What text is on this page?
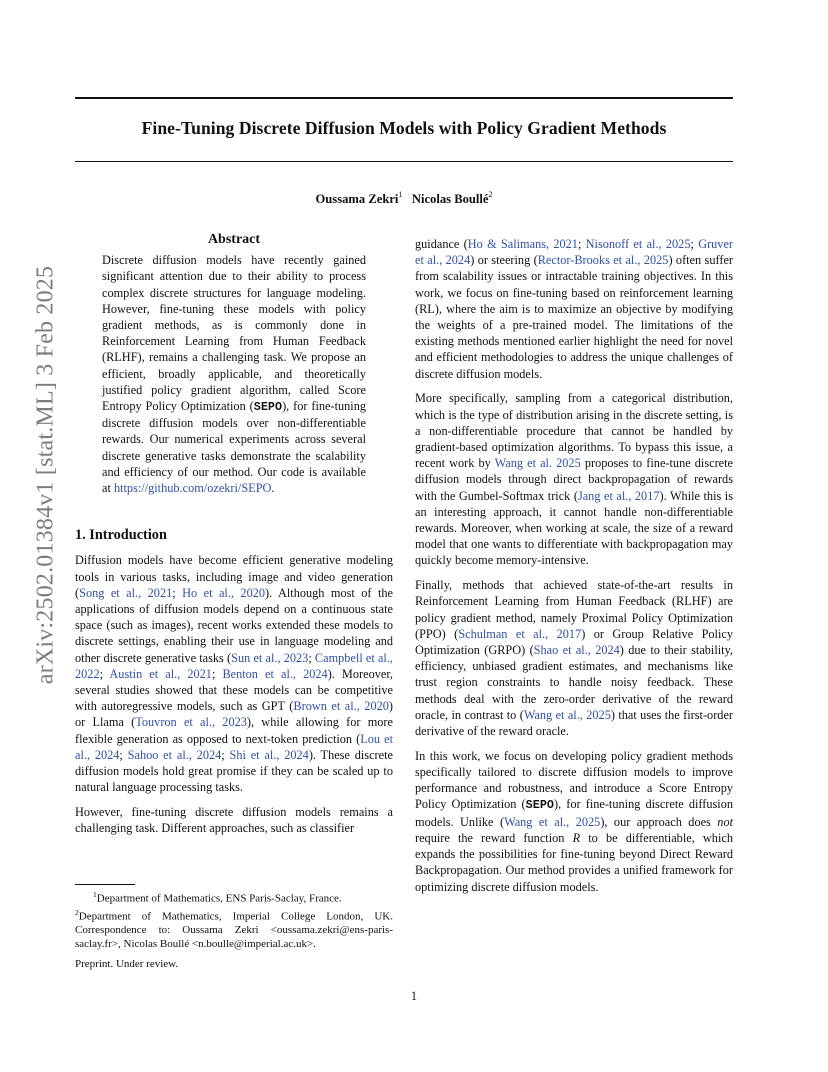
Fine-Tuning Discrete Diffusion Models with Policy Gradient Methods
Oussama Zekri$^1$ Nicolas Boullé$^2$
arXiv:2502.01384v1 [stat.ML] 3 Feb 2025
Abstract
Discrete diffusion models have recently gained significant attention due to their ability to process complex discrete structures for language modeling. However, fine-tuning these models with policy gradient methods, as is commonly done in Reinforcement Learning from Human Feedback (RLHF), remains a challenging task. We propose an efficient, broadly applicable, and theoretically justified policy gradient algorithm, called Score Entropy Policy Optimization (SEPO), for fine-tuning discrete diffusion models over non-differentiable rewards. Our numerical experiments across several discrete generative tasks demonstrate the scalability and efficiency of our method. Our code is available at https://github.com/ozekri/SEPO.
1. Introduction

Diffusion models have become efficient generative modeling tools in various tasks, including image and video generation (Song et al., 2021; Ho et al., 2020). Although most of the applications of diffusion models depend on a continuous state space (such as images), recent works extended these models to discrete settings, enabling their use in language modeling and other discrete generative tasks (Sun et al., 2023; Campbell et al., 2022; Austin et al., 2021; Benton et al., 2024). Moreover, several studies showed that these models can be competitive with autoregressive models, such as GPT (Brown et al., 2020) or Llama (Touvron et al., 2023), while allowing for more flexible generation as opposed to next-token prediction (Lou et al., 2024; Sahoo et al., 2024; Shi et al., 2024). These discrete diffusion models hold great promise if they can be scaled up to natural language processing tasks.

However, fine-tuning discrete diffusion models remains a challenging task. Different approaches, such as classifier

guidance (Ho & Salimans, 2021; Nisonoff et al., 2025; Gruver et al., 2024) or steering (Rector-Brooks et al., 2025) often suffer from scalability issues or intractable training objectives. In this work, we focus on fine-tuning based on reinforcement learning (RL), where the aim is to maximize an objective by modifying the weights of a pre-trained model. The limitations of the existing methods mentioned earlier highlight the need for novel and efficient methodologies to address the unique challenges of discrete diffusion models.

More specifically, sampling from a categorical distribution, which is the type of distribution arising in the discrete setting, is a non-differentiable procedure that cannot be handled by gradient-based optimization algorithms. To bypass this issue, a recent work by Wang et al. 2025 proposes to fine-tune discrete diffusion models through direct backpropagation of rewards with the Gumbel-Softmax trick (Jang et al., 2017). While this is an interesting approach, it cannot handle non-differentiable rewards. Moreover, when working at scale, the size of a reward model that one wants to differentiate with backpropagation may quickly become memory-intensive.

Finally, methods that achieved state-of-the-art results in Reinforcement Learning from Human Feedback (RLHF) are policy gradient method, namely Proximal Policy Optimization (PPO) (Schulman et al., 2017) or Group Relative Policy Optimization (GRPO) (Shao et al., 2024) due to their stability, efficiency, unbiased gradient estimates, and mechanisms like trust region constraints to handle noisy feedback. These methods deal with the zero-order derivative of the reward oracle, in contrast to (Wang et al., 2025) that uses the first-order derivative of the reward oracle.

In this work, we focus on developing policy gradient methods specifically tailored to discrete diffusion models to improve performance and robustness, and introduce a Score Entropy Policy Optimization (SEPO), for fine-tuning discrete diffusion models. Unlike (Wang et al., 2025), our approach does not require the reward function R to be differentiable, which expands the possibilities for fine-tuning beyond Direct Reward Backpropagation. Our method provides a unified framework for optimizing discrete diffusion models.

$^1$Department of Mathematics, ENS Paris-Saclay, France.
$^2$Department of Mathematics, Imperial College London, UK. Correspondence to: Oussama Zekri <oussama.zekri@ens-paris-saclay.fr>, Nicolas Boullé <n.boulle@imperial.ac.uk>.
Preprint. Under review.
1
